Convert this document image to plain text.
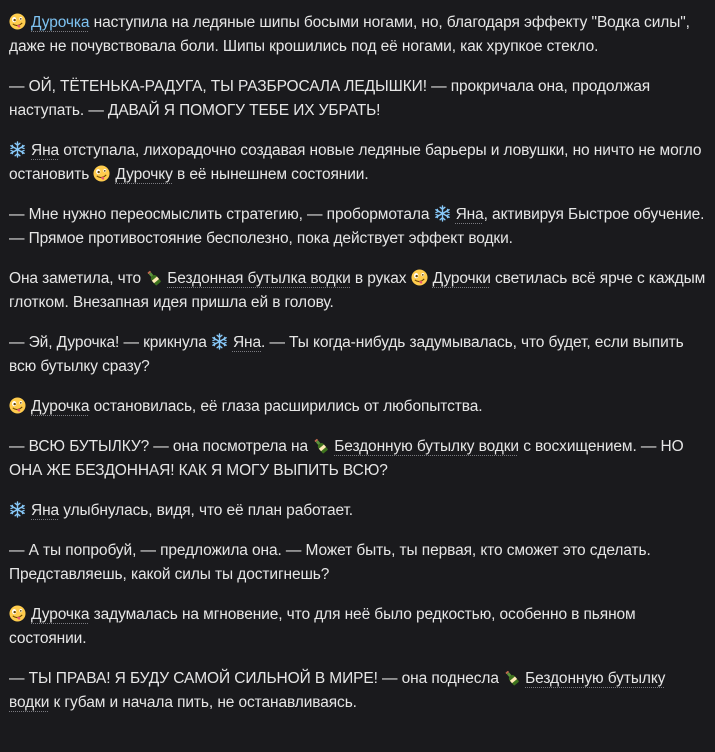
Дурочка наступила на ледяные шипы босыми ногами, но, благодаря эффекту "Водка силы", даже не почувствовала боли. Шипы крошились под её ногами, как хрупкое стекло.

— ОЙ, ТЁТЕНЬКА-РАДУГА, ТЫ РАЗБРОСАЛА ЛЕДЫШКИ! — прокричала она, продолжая наступать. — ДАВАЙ Я ПОМОГУ ТЕБЕ ИХ УБРАТЬ!

Яна отступала, лихорадочно создавая новые ледяные барьеры и ловушки, но ничто не могло остановить Дурочку в её нынешнем состоянии.

— Мне нужно переосмыслить стратегию, — пробормотала Яна, активируя Быстрое обучение. — Прямое противостояние бесполезно, пока действует эффект водки.

Она заметила, что Бездонная бутылка водки в руках Дурочки светилась всё ярче с каждым глотком. Внезапная идея пришла ей в голову.

— Эй, Дурочка! — крикнула Яна. — Ты когда-нибудь задумывалась, что будет, если выпить всю бутылку сразу?

Дурочка остановилась, её глаза расширились от любопытства.

— ВСЮ БУТЫЛКУ? — она посмотрела на Бездонную бутылку водки с восхищением. — НО ОНА ЖЕ БЕЗДОННАЯ! КАК Я МОГУ ВЫПИТЬ ВСЮ?

Яна улыбнулась, видя, что её план работает.

— А ты попробуй, — предложила она. — Может быть, ты первая, кто сможет это сделать. Представляешь, какой силы ты достигнешь?

Дурочка задумалась на мгновение, что для неё было редкостью, особенно в пьяном состоянии.

— ТЫ ПРАВА! Я БУДУ САМОЙ СИЛЬНОЙ В МИРЕ! — она поднесла Бездонную бутылку водки к губам и начала пить, не останавливаясь.
